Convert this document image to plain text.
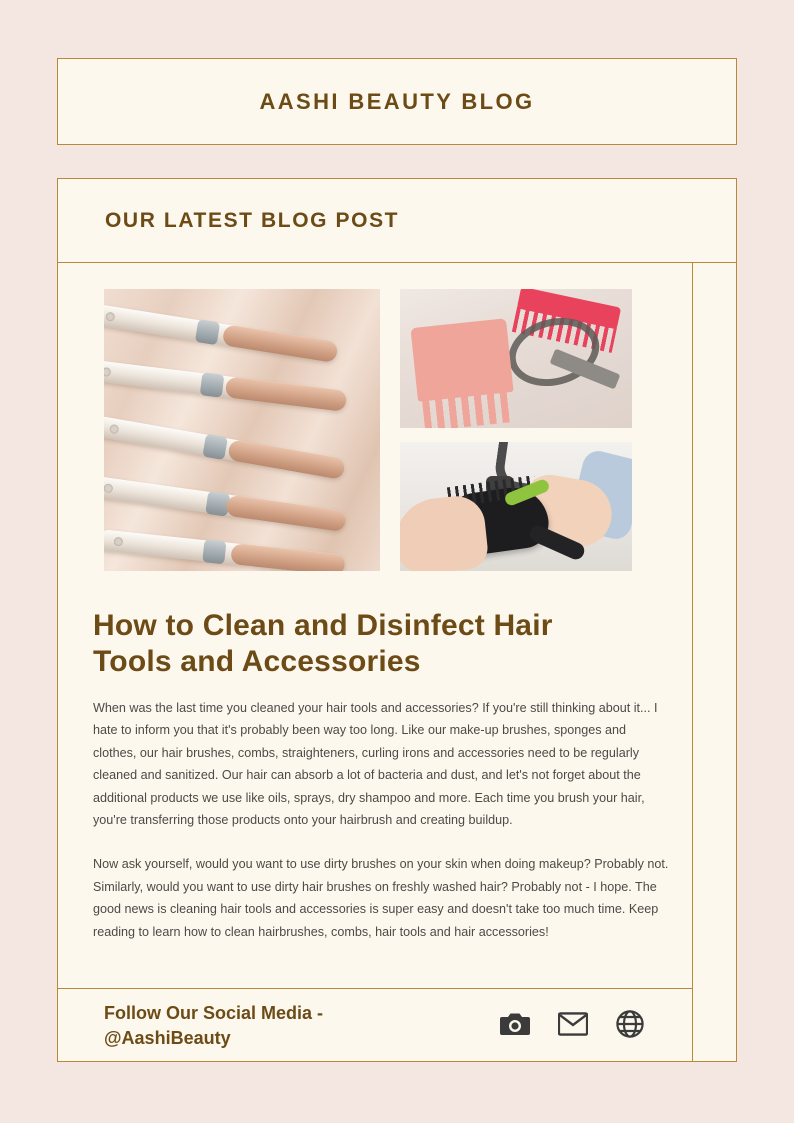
AASHI BEAUTY BLOG
OUR LATEST BLOG POST
How to Clean and Disinfect Hair Tools and Accessories

When was the last time you cleaned your hair tools and accessories? If you're still thinking about it... I hate to inform you that it's probably been way too long. Like our make-up brushes, sponges and clothes, our hair brushes, combs, straighteners, curling irons and accessories need to be regularly cleaned and sanitized. Our hair can absorb a lot of bacteria and dust, and let's not forget about the additional products we use like oils, sprays, dry shampoo and more. Each time you brush your hair, you're transferring those products onto your hairbrush and creating buildup.

Now ask yourself, would you want to use dirty brushes on your skin when doing makeup? Probably not. Similarly, would you want to use dirty hair brushes on freshly washed hair? Probably not - I hope. The good news is cleaning hair tools and accessories is super easy and doesn't take too much time. Keep reading to learn how to clean hairbrushes, combs, hair tools and hair accessories!

Follow Our Social Media - @AashiBeauty
